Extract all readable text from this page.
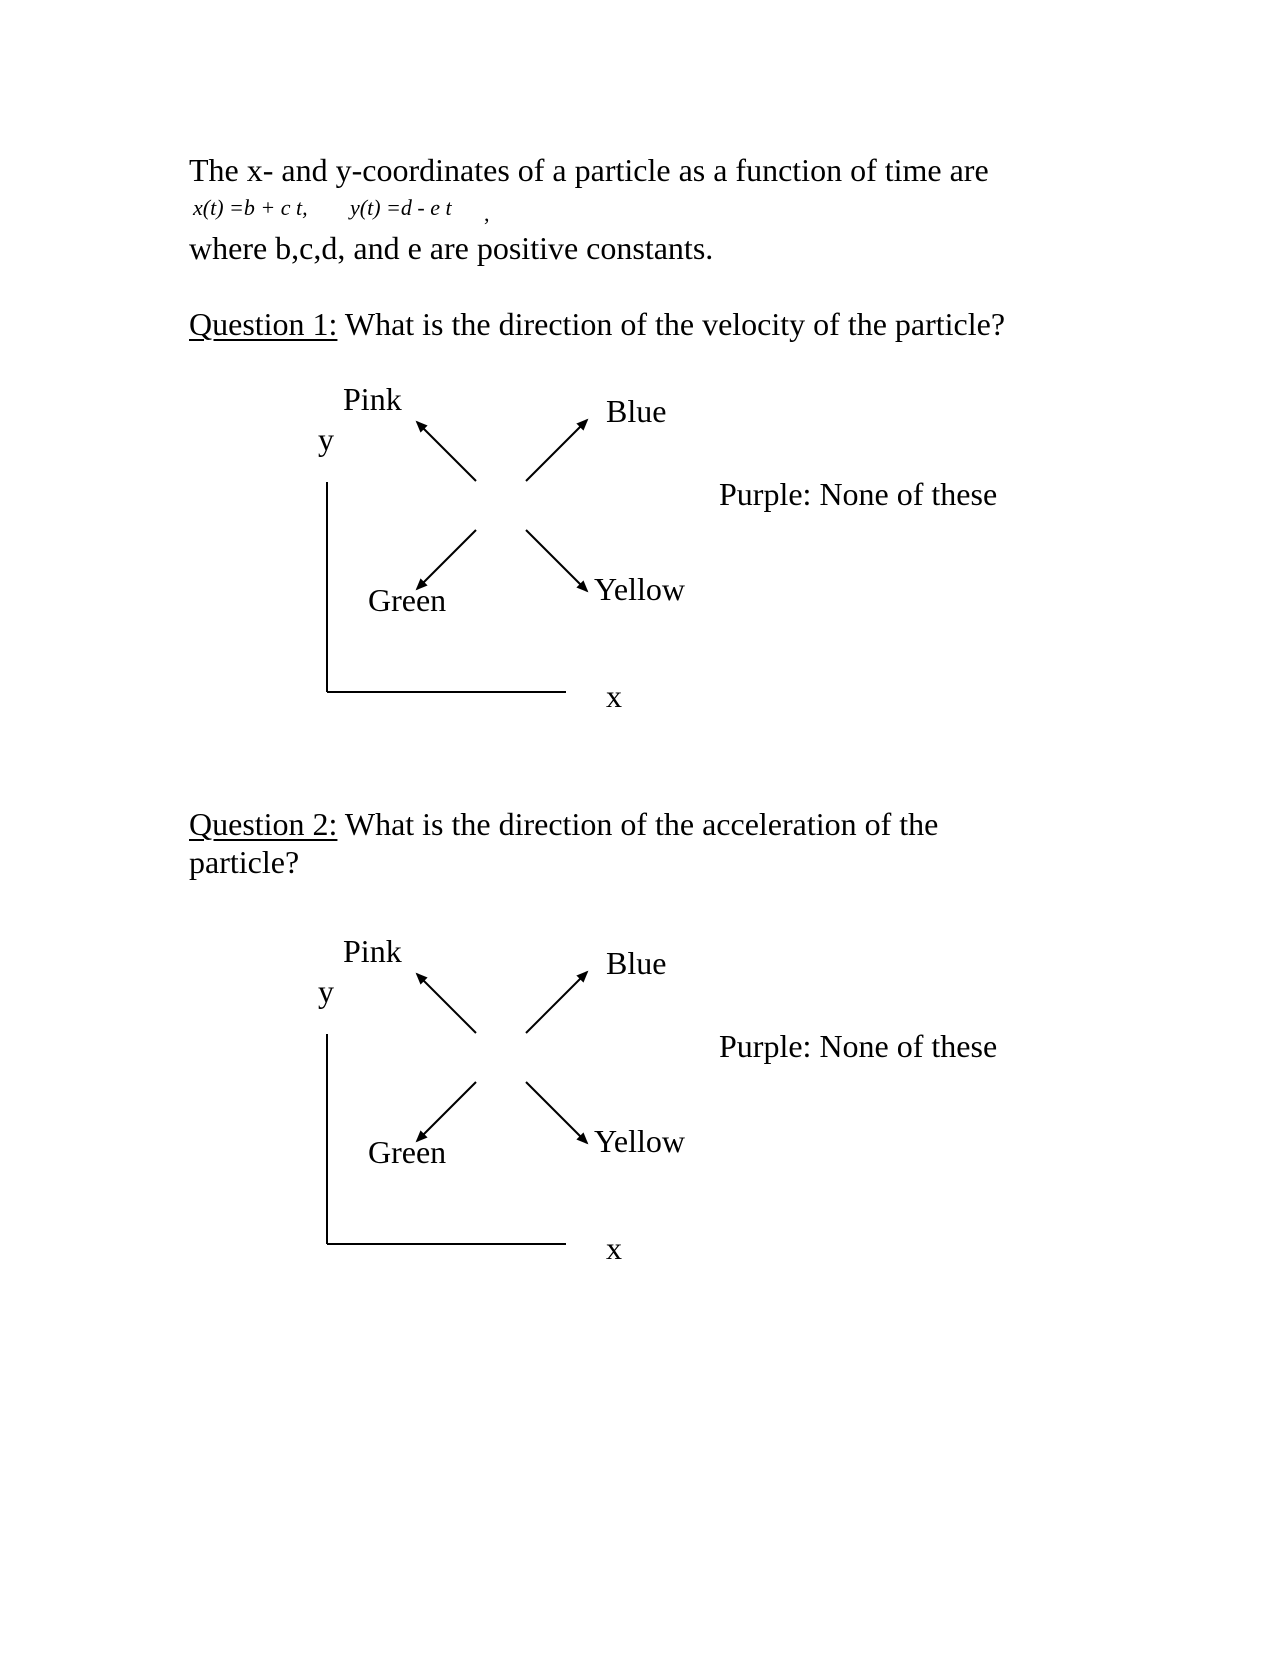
The x- and y-coordinates of a particle as a function of time are
x(t) =b + c t, y(t) =d - e t ,
where b,c,d, and e are positive constants.
Question 1: What is the direction of the velocity of the particle?
y
x
Pink	Blue
Green	Yellow
Purple: None of these
Question 2: What is the direction of the acceleration of the
particle?
y
x
Pink	Blue
Green	Yellow
Purple: None of these
